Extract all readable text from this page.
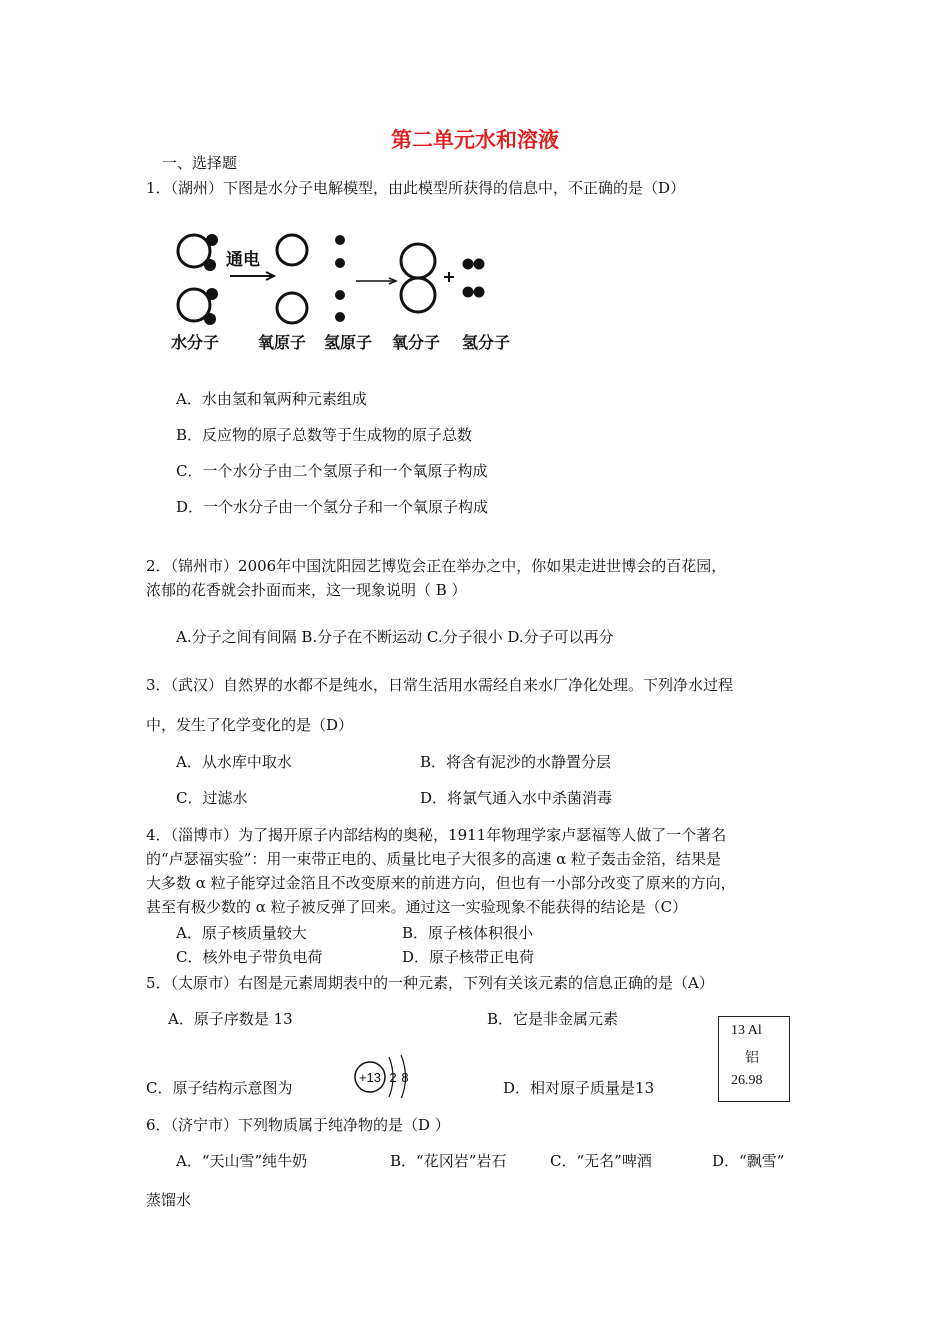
第二单元水和溶液
一、选择题
1．（湖州）下图是水分子电解模型，由此模型所获得的信息中，不正确的是（D）
通电
水分子 氧原子 氢原子 氧分子 氢分子
A．水由氢和氧两种元素组成
B．反应物的原子总数等于生成物的原子总数
C．一个水分子由二个氢原子和一个氧原子构成
D．一个水分子由一个氢分子和一个氧原子构成
2．（锦州市）2006年中国沈阳园艺博览会正在举办之中，你如果走进世博会的百花园，
浓郁的花香就会扑面而来，这一现象说明（ B ）
A.分子之间有间隔 B.分子在不断运动 C.分子很小 D.分子可以再分
3．（武汉）自然界的水都不是纯水，日常生活用水需经自来水厂净化处理。下列净水过程
中，发生了化学变化的是（D）
A．从水库中取水	B．将含有泥沙的水静置分层
C．过滤水	D．将氯气通入水中杀菌消毒
4．（淄博市）为了揭开原子内部结构的奥秘，1911年物理学家卢瑟福等人做了一个著名
的“卢瑟福实验”：用一束带正电的、质量比电子大很多的高速 α 粒子轰击金箔，结果是
大多数 α 粒子能穿过金箔且不改变原来的前进方向，但也有一小部分改变了原来的方向，
甚至有极少数的 α 粒子被反弹了回来。通过这一实验现象不能获得的结论是（C）
A．原子核质量较大	B．原子核体积很小
C．核外电子带负电荷	D．原子核带正电荷
5．（太原市）右图是元素周期表中的一种元素，下列有关该元素的信息正确的是（A）
A．原子序数是 13	B．它是非金属元素
C．原子结构示意图为
+13 2 8
D．相对原子质量是13
13 Al
铝
26.98
6．（济宁市）下列物质属于纯净物的是（D ）
A．“天山雪”纯牛奶	B．“花冈岩”岩石	C．“无名”啤酒	D．“飘雪”
蒸馏水
